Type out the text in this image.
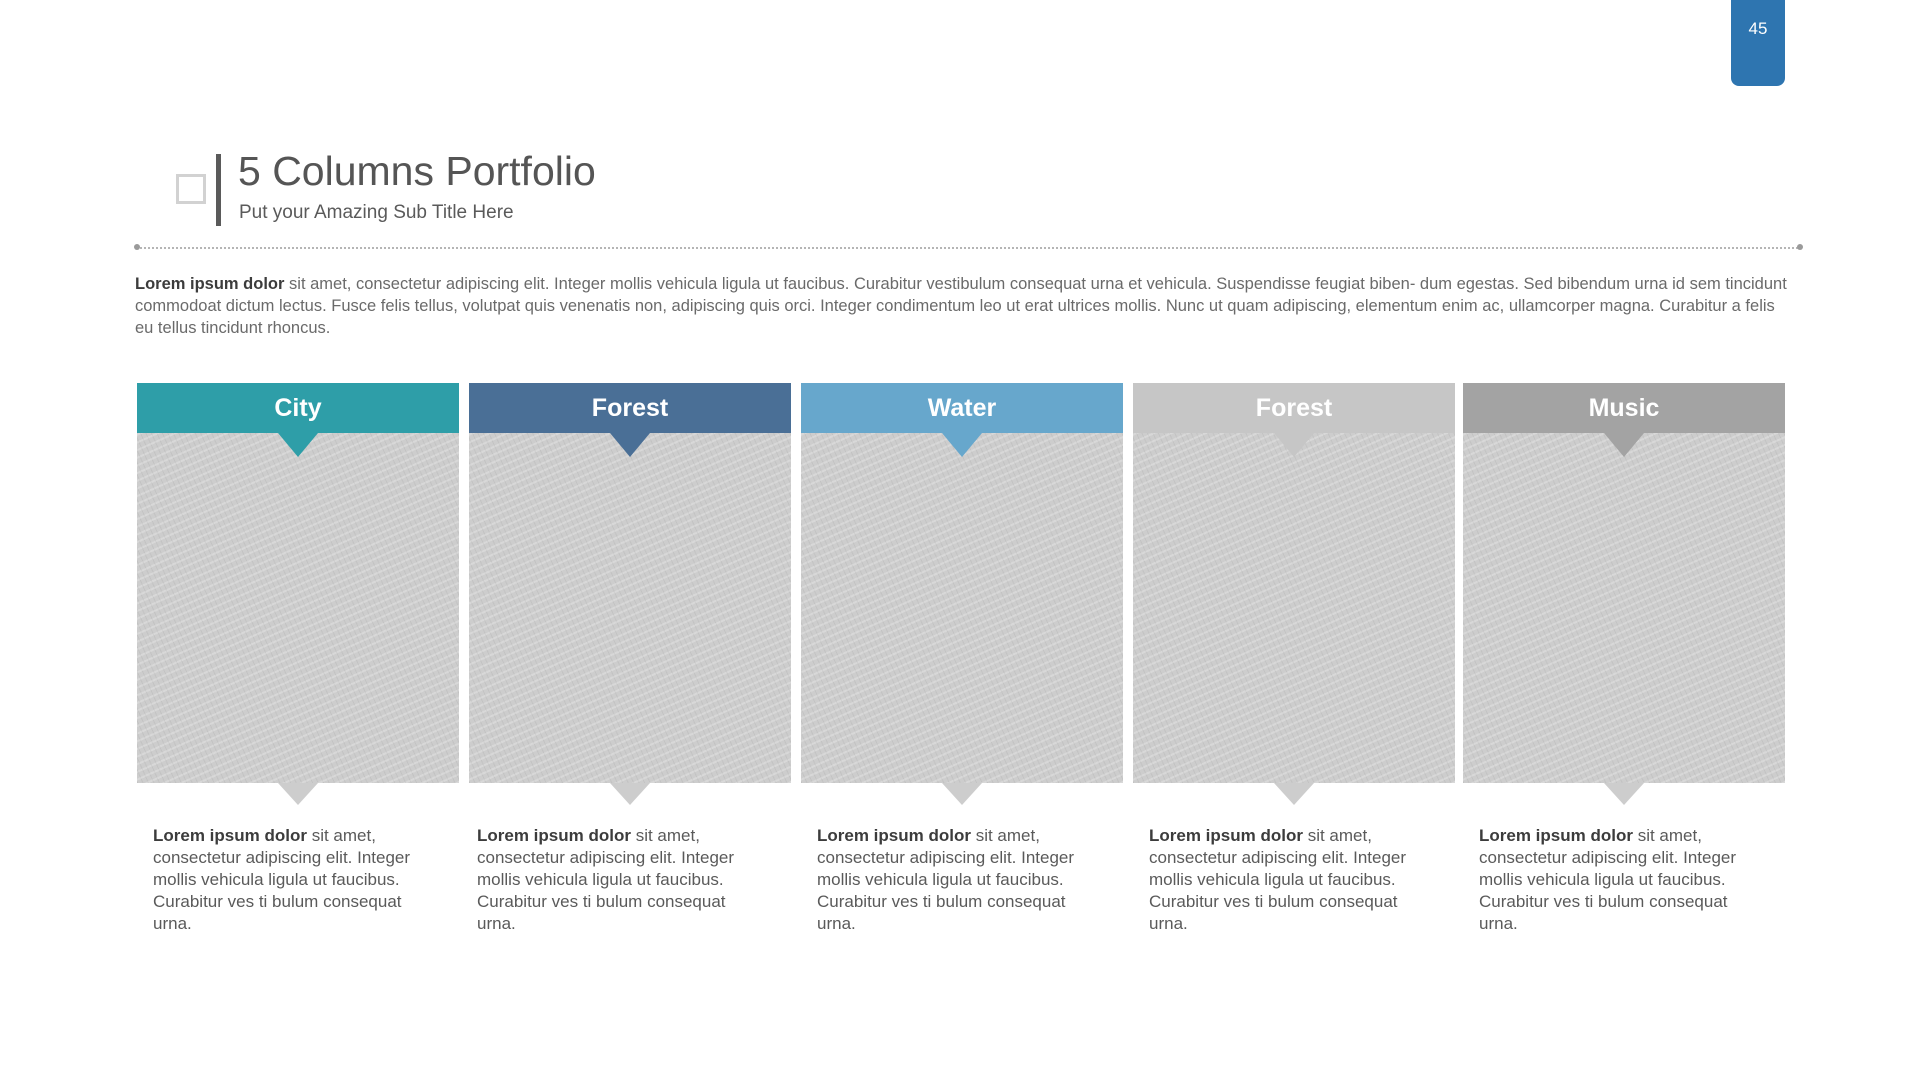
45
5 Columns Portfolio
Put your Amazing Sub Title Here
Lorem ipsum dolor sit amet, consectetur adipiscing elit. Integer mollis vehicula ligula ut faucibus. Curabitur vestibulum consequat urna et vehicula. Suspendisse feugiat biben- dum egestas. Sed bibendum urna id sem tincidunt commodoat dictum lectus. Fusce felis tellus, volutpat quis venenatis non, adipiscing quis orci. Integer condimentum leo ut erat ultrices mollis. Nunc ut quam adipiscing, elementum enim ac, ullamcorper magna. Curabitur a felis eu tellus tincidunt rhoncus.
City
Lorem ipsum dolor sit amet, consectetur adipiscing elit. Integer mollis vehicula ligula ut faucibus. Curabitur ves ti bulum consequat urna.
Forest
Lorem ipsum dolor sit amet, consectetur adipiscing elit. Integer mollis vehicula ligula ut faucibus. Curabitur ves ti bulum consequat urna.
Water
Lorem ipsum dolor sit amet, consectetur adipiscing elit. Integer mollis vehicula ligula ut faucibus. Curabitur ves ti bulum consequat urna.
Forest
Lorem ipsum dolor sit amet, consectetur adipiscing elit. Integer mollis vehicula ligula ut faucibus. Curabitur ves ti bulum consequat urna.
Music
Lorem ipsum dolor sit amet, consectetur adipiscing elit. Integer mollis vehicula ligula ut faucibus. Curabitur ves ti bulum consequat urna.
